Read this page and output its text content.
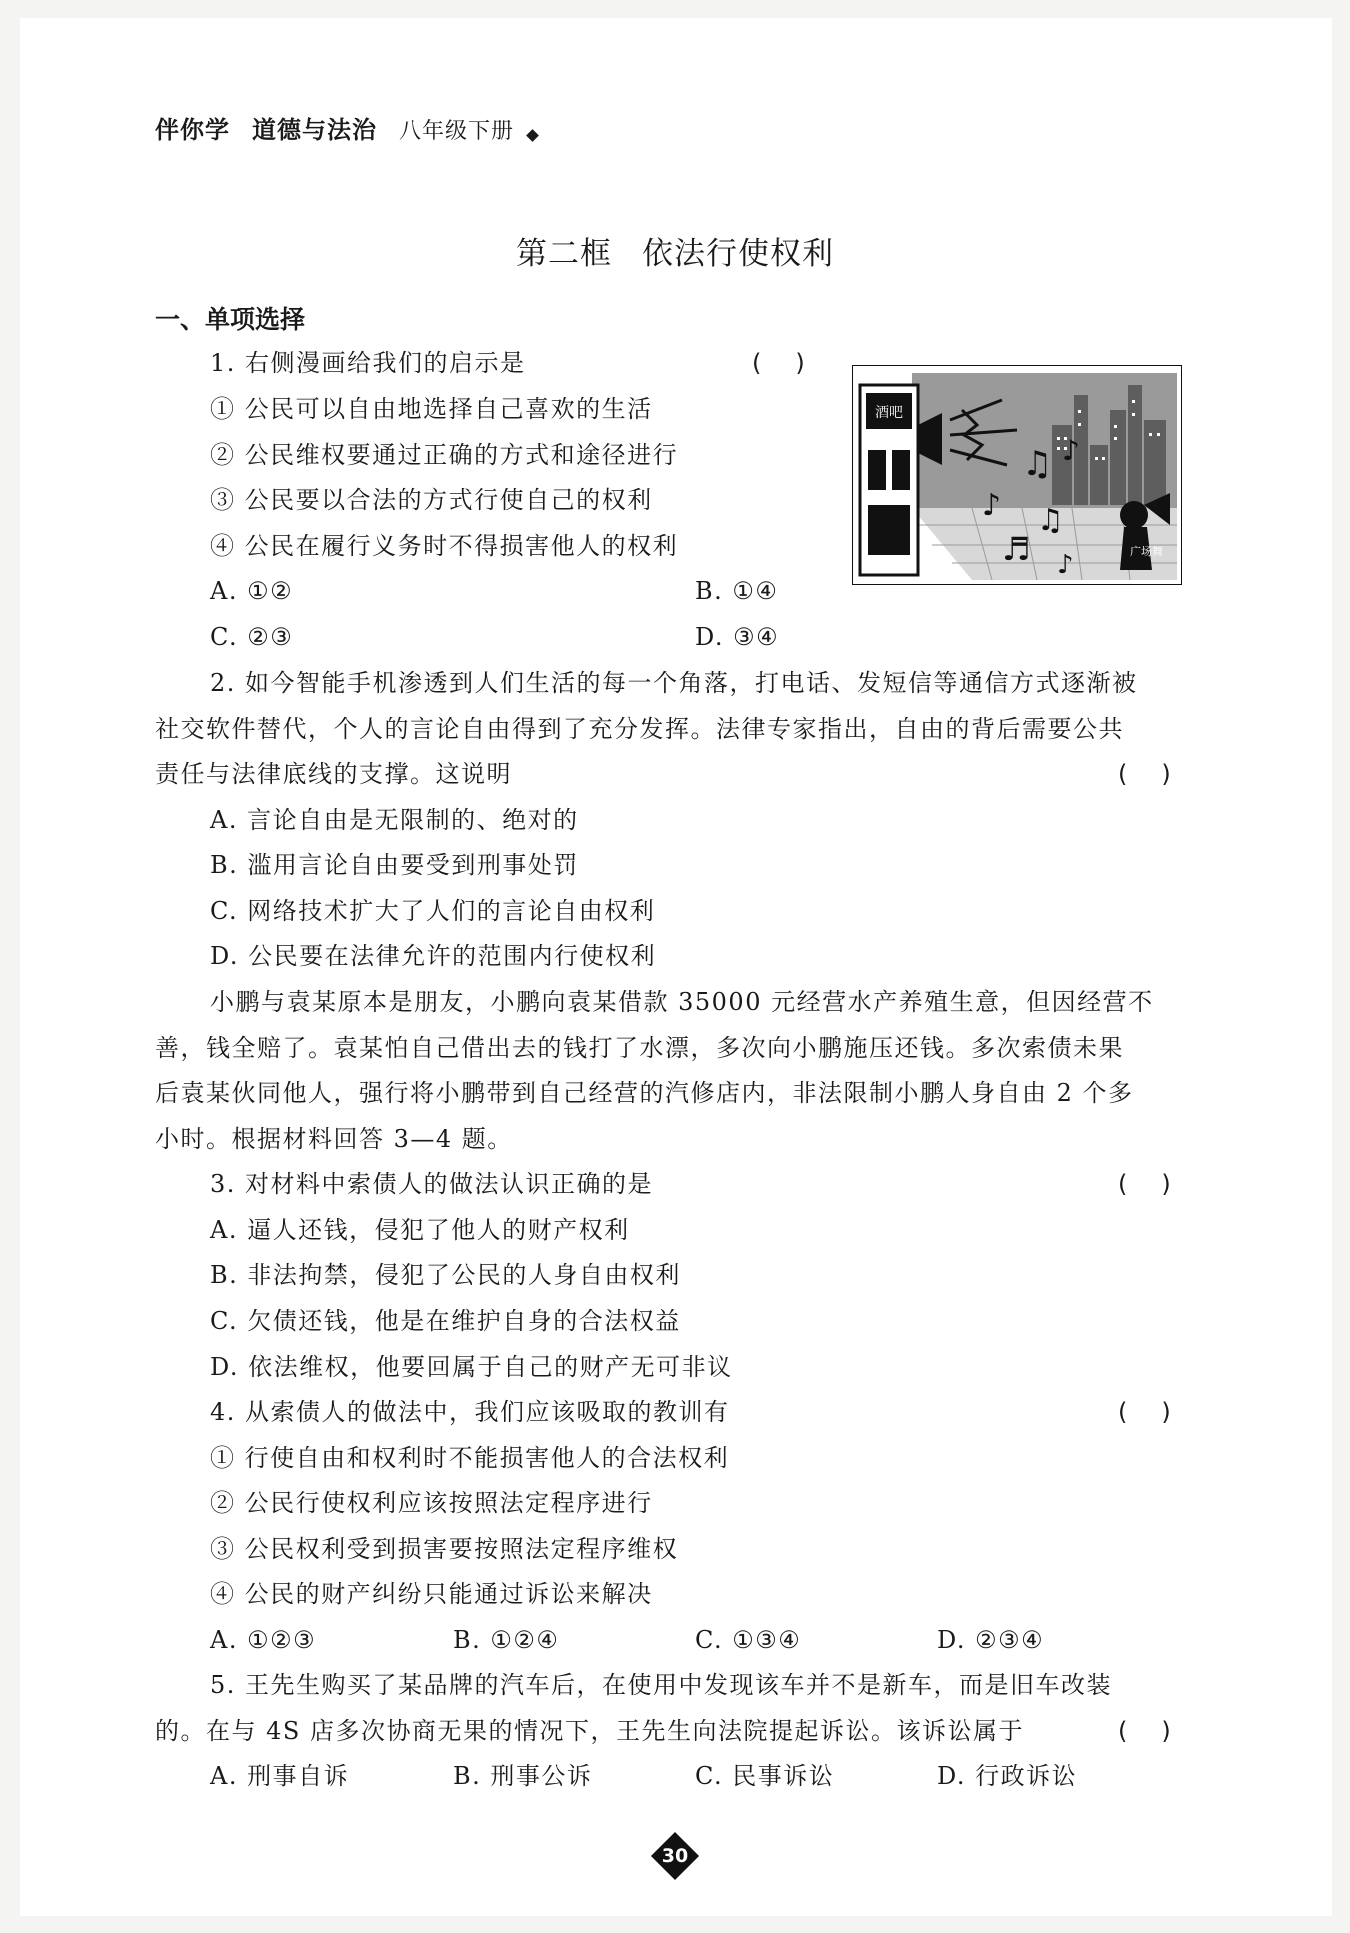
伴你学 道德与法治 八年级下册
第二框 依法行使权利
一、单项选择
1. 右侧漫画给我们的启示是	( )
① 公民可以自由地选择自己喜欢的生活
② 公民维权要通过正确的方式和途径进行
③ 公民要以合法的方式行使自己的权利
④ 公民在履行义务时不得损害他人的权利
A. ①②	B. ①④
C. ②③	D. ③④
酒吧
♫ ♪
♪ ♫
♬ ♪	广场舞
2. 如今智能手机渗透到人们生活的每一个角落，打电话、发短信等通信方式逐渐被
社交软件替代，个人的言论自由得到了充分发挥。法律专家指出，自由的背后需要公共
责任与法律底线的支撑。这说明	( )
A. 言论自由是无限制的、绝对的
B. 滥用言论自由要受到刑事处罚
C. 网络技术扩大了人们的言论自由权利
D. 公民要在法律允许的范围内行使权利
小鹏与袁某原本是朋友，小鹏向袁某借款 35000 元经营水产养殖生意，但因经营不
善，钱全赔了。袁某怕自己借出去的钱打了水漂，多次向小鹏施压还钱。多次索债未果
后袁某伙同他人，强行将小鹏带到自己经营的汽修店内，非法限制小鹏人身自由 2 个多
小时。根据材料回答 3—4 题。
3. 对材料中索债人的做法认识正确的是	( )
A. 逼人还钱，侵犯了他人的财产权利
B. 非法拘禁，侵犯了公民的人身自由权利
C. 欠债还钱，他是在维护自身的合法权益
D. 依法维权，他要回属于自己的财产无可非议
4. 从索债人的做法中，我们应该吸取的教训有	( )
① 行使自由和权利时不能损害他人的合法权利
② 公民行使权利应该按照法定程序进行
③ 公民权利受到损害要按照法定程序维权
④ 公民的财产纠纷只能通过诉讼来解决
A. ①②③	B. ①②④	C. ①③④	D. ②③④
5. 王先生购买了某品牌的汽车后，在使用中发现该车并不是新车，而是旧车改装
的。在与 4S 店多次协商无果的情况下，王先生向法院提起诉讼。该诉讼属于	( )
A. 刑事自诉	B. 刑事公诉	C. 民事诉讼	D. 行政诉讼
30
